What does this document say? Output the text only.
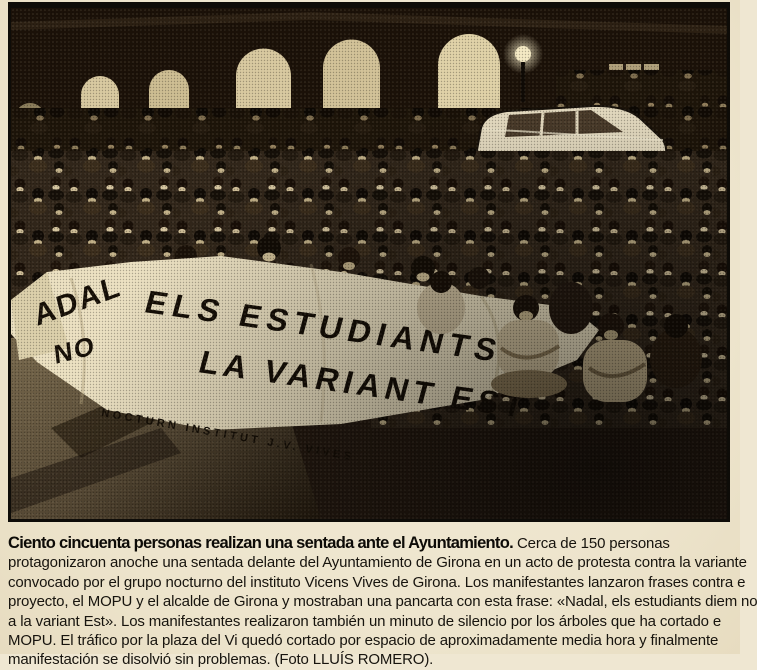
Ciento cincuenta personas realizan una sentada ante el Ayuntamiento. Cerca de 150 personas
protagonizaron anoche una sentada delante del Ayuntamiento de Girona en un acto de protesta contra la variante
convocado por el grupo nocturno del instituto Vicens Vives de Girona. Los manifestantes lanzaron frases contra e
proyecto, el MOPU y el alcalde de Girona y mostraban una pancarta con esta frase: «Nadal, els estudiants diem no
a la variant Est». Los manifestantes realizaron también un minuto de silencio por los árboles que ha cortado e
MOPU. El tráfico por la plaza del Vi quedó cortado por espacio de aproximadamente media hora y finalmente
manifestación se disolvió sin problemas. (Foto LLUÍS ROMERO).
